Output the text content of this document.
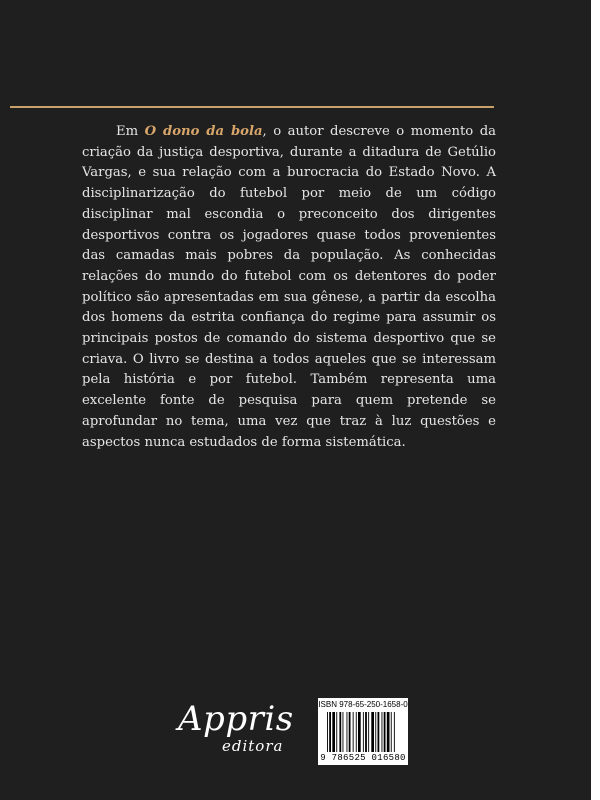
Em O dono da bola, o autor descreve o momento da criação da justiça desportiva, durante a ditadura de Getúlio Vargas, e sua relação com a burocracia do Estado Novo. A disciplinarização do futebol por meio de um código disciplinar mal escondia o preconceito dos dirigentes desportivos contra os jogadores quase todos provenientes das camadas mais pobres da população. As conhecidas relações do mundo do futebol com os detentores do poder político são apresentadas em sua gênese, a partir da escolha dos homens da estrita confiança do regime para assumir os principais postos de comando do sistema desportivo que se criava. O livro se destina a todos aqueles que se interessam pela história e por futebol. Também representa uma excelente fonte de pesquisa para quem pretende se aprofundar no tema, uma vez que traz à luz questões e aspectos nunca estudados de forma sistemática.

Appris
editora
ISBN 978-65-250-1658-0
9 786525 016580
